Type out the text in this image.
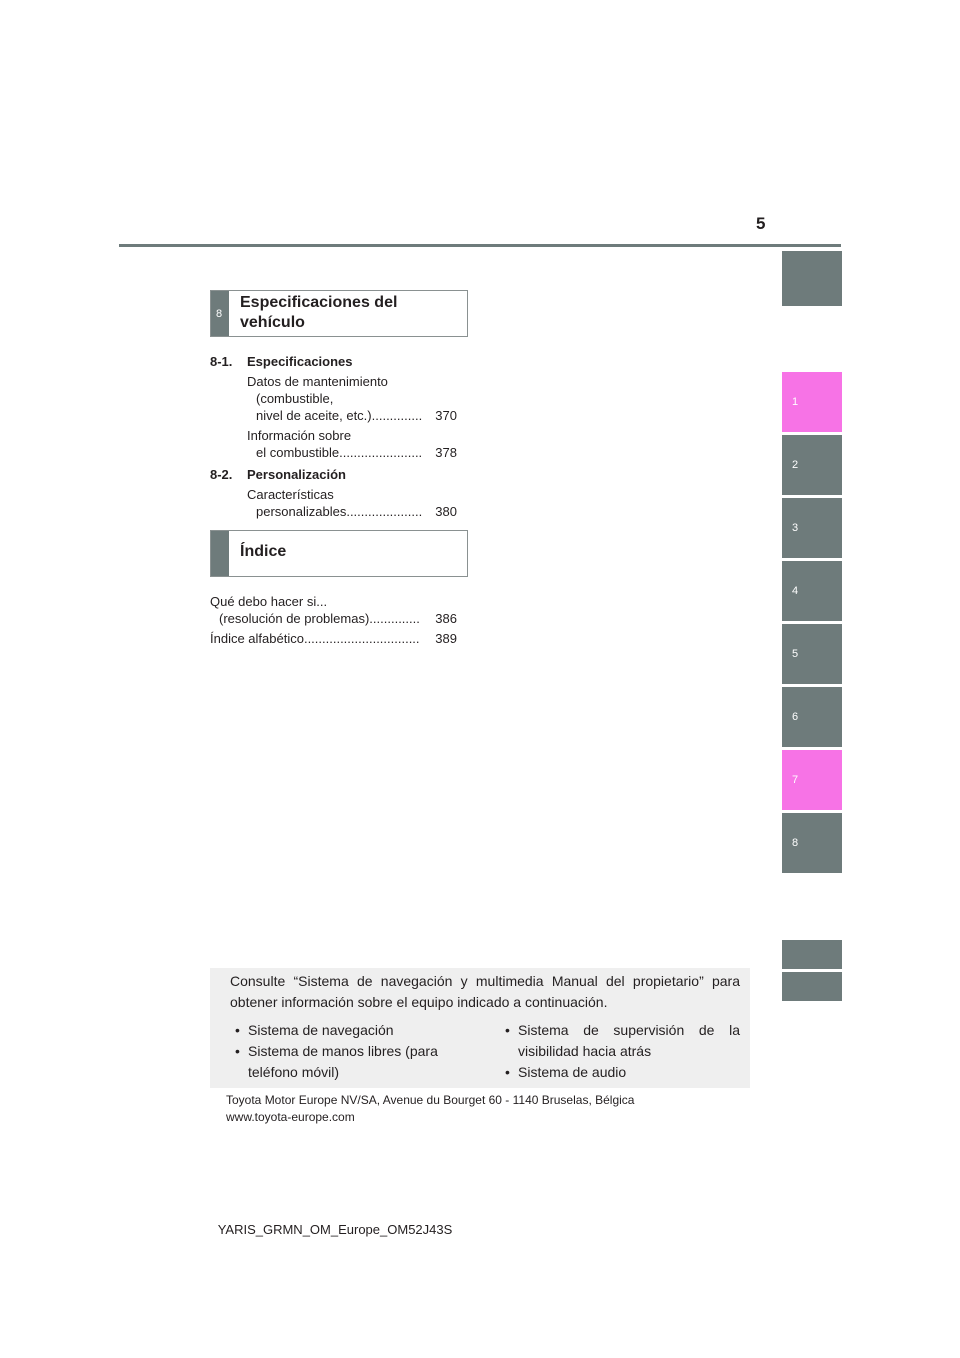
5
1
2
3
4
5
6
7
8
8
Especificaciones del
vehículo
8-1. Especificaciones
Datos de mantenimiento
(combustible,
nivel de aceite, etc.)..............	370
Información sobre
el combustible.......................	378
8-2. Personalización
Características
personalizables.....................	380
Índice
Qué debo hacer si...
(resolución de problemas)..............	386
Índice alfabético................................	389
Consulte “Sistema de navegación y multimedia Manual del propietario” para obtener información sobre el equipo indicado a continuación.
• Sistema de navegación
• Sistema de manos libres (para teléfono móvil)
• Sistema de supervisión de la visibilidad hacia atrás
• Sistema de audio
Toyota Motor Europe NV/SA, Avenue du Bourget 60 - 1140 Bruselas, Bélgica
www.toyota-europe.com
YARIS_GRMN_OM_Europe_OM52J43S
